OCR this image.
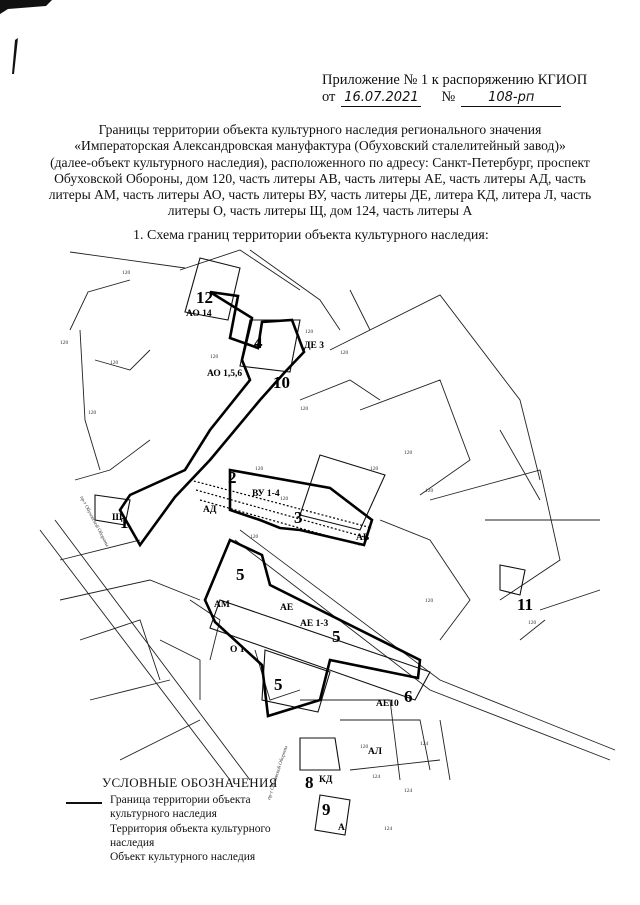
Приложение № 1 к распоряжению КГИОП
от 16.07.2021 №	108-рп
Границы территории объекта культурного наследия регионального значения
«Императорская Александровская мануфактура (Обуховский сталелитейный завод)»
(далее-объект культурного наследия), расположенного по адресу: Санкт-Петербург, проспект
Обуховской Обороны, дом 120, часть литеры АВ, часть литеры АЕ, часть литеры АД, часть
литеры АМ, часть литеры АО, часть литеры ВУ, часть литеры ДЕ, литера КД, литера Л, часть
литеры О, часть литеры Щ, дом 124, часть литеры А
1. Схема границ территории объекта культурного наследия:
12
4
10
2
3
1
5
5
5
11
6
8
9
АО 14
АО 1,5,6
ДЕ 3
ВУ 1-4
АД
АВ
АМ	АЕ
АЕ 1-3
О 1
АЕ10
Щ
КД
А
АЛ
120
120
120
120
120
120
120
120
120
120
120
120
120
120
120
120
120
124
124
124
124
пр-т Обуховской Обороны
пр-т Обуховской Обороны
УСЛОВНЫЕ ОБОЗНАЧЕНИЯ
Граница территории объекта культурного наследия
Территория объекта культурного наследия
Объект культурного наследия
